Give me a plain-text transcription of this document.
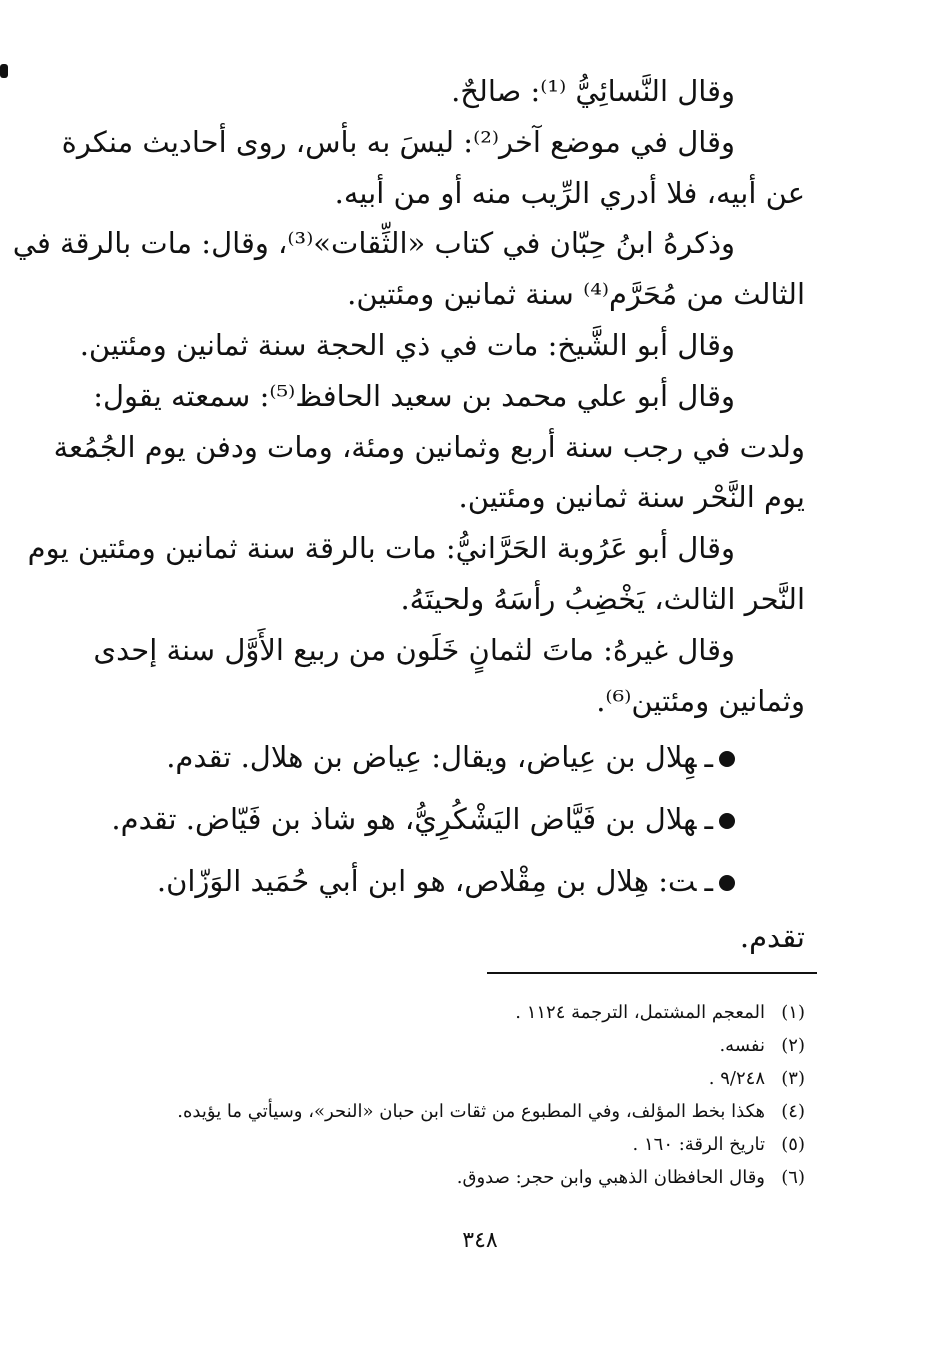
وقال النَّسائِيُّ ⁽¹⁾: صالحٌ.
وقال في موضع آخر⁽²⁾: ليسَ به بأس، روى أحاديث منكرة
عن أبيه، فلا أدري الرِّيب منه أو من أبيه.
وذكرهُ ابنُ حِبّان في كتاب «الثِّقات»⁽³⁾، وقال: مات بالرقة في
الثالث من مُحَرَّم⁽⁴⁾ سنة ثمانين ومئتين.
وقال أبو الشَّيخ: مات في ذي الحجة سنة ثمانين ومئتين.
وقال أبو علي محمد بن سعيد الحافظ⁽⁵⁾: سمعته يقول:
ولدت في رجب سنة أربع وثمانين ومئة، ومات ودفن يوم الجُمُعة
يوم النَّحْر سنة ثمانين ومئتين.
وقال أبو عَرُوبة الحَرَّانيُّ: مات بالرقة سنة ثمانين ومئتين يوم
النَّحر الثالث، يَخْضِبُ رأسَهُ ولحيتَهُ.
وقال غيرهُ: ماتَ لثمانٍ خَلَون من ربيع الأَوَّل سنة إحدى
وثمانين ومئتين⁽⁶⁾.
ـهِلال بن عِياض، ويقال: عِياض بن هلال. تقدم.
ـهلال بن فَيَّاض اليَشْكُرِيُّ، هو شاذ بن فَيّاض. تقدم.
ـت: هِلال بن مِقْلاص، هو ابن أبي حُمَيد الوَزّان.
تقدم.
(١)المعجم المشتمل، الترجمة ١١٢٤ .
(٢)نفسه.
(٣)٩/٢٤٨ .
(٤)هكذا بخط المؤلف، وفي المطبوع من ثقات ابن حبان «النحر»، وسيأتي ما يؤيده.
(٥)تاريخ الرقة: ١٦٠ .
(٦)وقال الحافظان الذهبي وابن حجر: صدوق.
٣٤٨
